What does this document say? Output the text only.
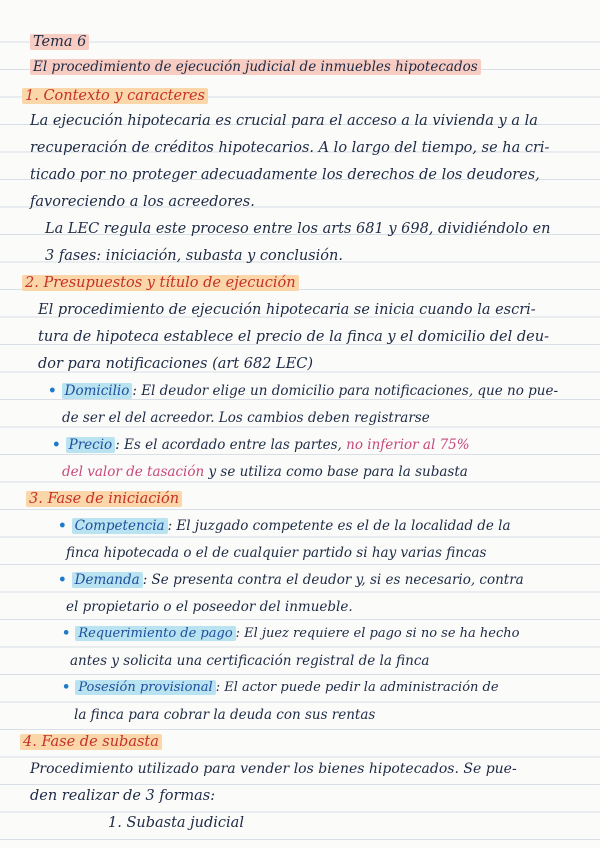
Tema 6
El procedimiento de ejecución judicial de inmuebles hipotecados
1. Contexto y caracteres
La ejecución hipotecaria es crucial para el acceso a la vivienda y a la
recuperación de créditos hipotecarios. A lo largo del tiempo, se ha cri-
ticado por no proteger adecuadamente los derechos de los deudores,
favoreciendo a los acreedores.
La LEC regula este proceso entre los arts 681 y 698, dividiéndolo en
3 fases: iniciación, subasta y conclusión.
2. Presupuestos y título de ejecución
El procedimiento de ejecución hipotecaria se inicia cuando la escri-
tura de hipoteca establece el precio de la finca y el domicilio del deu-
dor para notificaciones (art 682 LEC)
• Domicilio : El deudor elige un domicilio para notificaciones, que no pue-
de ser el del acreedor. Los cambios deben registrarse
• Precio : Es el acordado entre las partes, no inferior al 75%
del valor de tasación y se utiliza como base para la subasta
3. Fase de iniciación
• Competencia : El juzgado competente es el de la localidad de la
finca hipotecada o el de cualquier partido si hay varias fincas
• Demanda : Se presenta contra el deudor y, si es necesario, contra
el propietario o el poseedor del inmueble.
• Requerimiento de pago : El juez requiere el pago si no se ha hecho
antes y solicita una certificación registral de la finca
• Posesión provisional : El actor puede pedir la administración de
la finca para cobrar la deuda con sus rentas
4. Fase de subasta
Procedimiento utilizado para vender los bienes hipotecados. Se pue-
den realizar de 3 formas:
1. Subasta judicial
